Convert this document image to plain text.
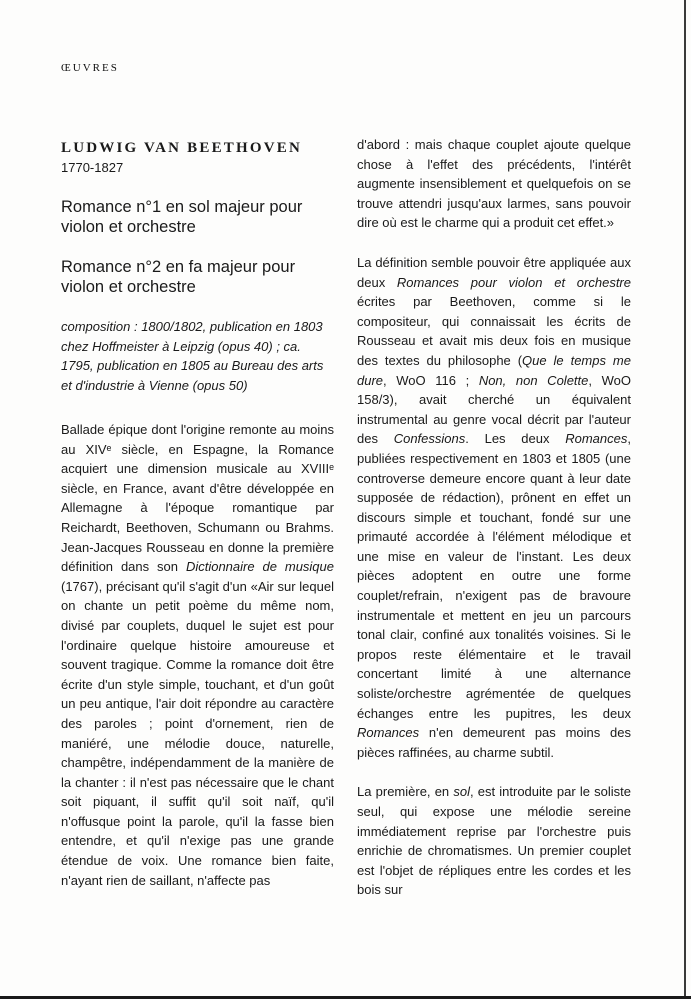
ŒUVRES
LUDWIG VAN BEETHOVEN
1770-1827
Romance n°1 en sol majeur pour violon et orchestre
Romance n°2 en fa majeur pour violon et orchestre
composition : 1800/1802, publication en 1803 chez Hoffmeister à Leipzig (opus 40) ; ca. 1795, publication en 1805 au Bureau des arts et d'industrie à Vienne (opus 50)
Ballade épique dont l'origine remonte au moins au XIVᵉ siècle, en Espagne, la Romance acquiert une dimension musicale au XVIIIᵉ siècle, en France, avant d'être développée en Allemagne à l'époque romantique par Reichardt, Beethoven, Schumann ou Brahms. Jean-Jacques Rousseau en donne la première définition dans son Dictionnaire de musique (1767), précisant qu'il s'agit d'un «Air sur lequel on chante un petit poème du même nom, divisé par couplets, duquel le sujet est pour l'ordinaire quelque histoire amoureuse et souvent tragique. Comme la romance doit être écrite d'un style simple, touchant, et d'un goût un peu antique, l'air doit répondre au caractère des paroles ; point d'ornement, rien de maniéré, une mélodie douce, naturelle, champêtre, indépendamment de la manière de la chanter : il n'est pas nécessaire que le chant soit piquant, il suffit qu'il soit naïf, qu'il n'offusque point la parole, qu'il la fasse bien entendre, et qu'il n'exige pas une grande étendue de voix. Une romance bien faite, n'ayant rien de saillant, n'affecte pas
d'abord : mais chaque couplet ajoute quelque chose à l'effet des précédents, l'intérêt augmente insensiblement et quelquefois on se trouve attendri jusqu'aux larmes, sans pouvoir dire où est le charme qui a produit cet effet.»
La définition semble pouvoir être appliquée aux deux Romances pour violon et orchestre écrites par Beethoven, comme si le compositeur, qui connaissait les écrits de Rousseau et avait mis deux fois en musique des textes du philosophe (Que le temps me dure, WoO 116 ; Non, non Colette, WoO 158/3), avait cherché un équivalent instrumental au genre vocal décrit par l'auteur des Confessions. Les deux Romances, publiées respectivement en 1803 et 1805 (une controverse demeure encore quant à leur date supposée de rédaction), prônent en effet un discours simple et touchant, fondé sur une primauté accordée à l'élément mélodique et une mise en valeur de l'instant. Les deux pièces adoptent en outre une forme couplet/refrain, n'exigent pas de bravoure instrumentale et mettent en jeu un parcours tonal clair, confiné aux tonalités voisines. Si le propos reste élémentaire et le travail concertant limité à une alternance soliste/orchestre agrémentée de quelques échanges entre les pupitres, les deux Romances n'en demeurent pas moins des pièces raffinées, au charme subtil.
La première, en sol, est introduite par le soliste seul, qui expose une mélodie sereine immédiatement reprise par l'orchestre puis enrichie de chromatismes. Un premier couplet est l'objet de répliques entre les cordes et les bois sur
